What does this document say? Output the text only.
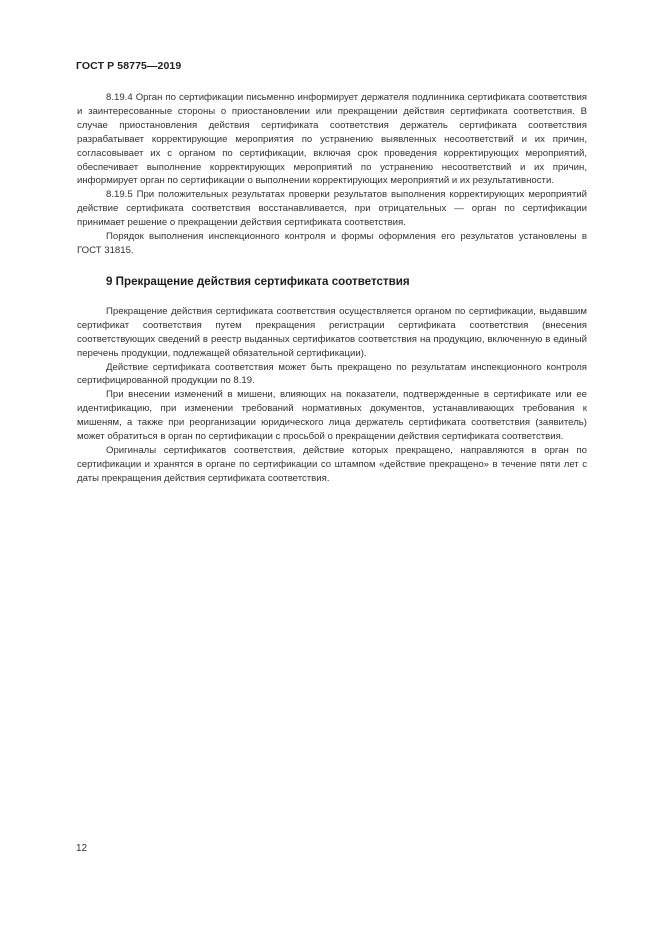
ГОСТ Р 58775—2019

8.19.4 Орган по сертификации письменно информирует держателя подлинника сертификата соответствия и заинтересованные стороны о приостановлении или прекращении действия сертификата соответствия. В случае приостановления действия сертификата соответствия держатель сертификата соответствия разрабатывает корректирующие мероприятия по устранению выявленных несоответствий и их причин, согласовывает их с органом по сертификации, включая срок проведения корректирующих мероприятий, обеспечивает выполнение корректирующих мероприятий по устранению несоответствий и их причин, информирует орган по сертификации о выполнении корректирующих мероприятий и их результативности.

8.19.5 При положительных результатах проверки результатов выполнения корректирующих мероприятий действие сертификата соответствия восстанавливается, при отрицательных — орган по сертификации принимает решение о прекращении действия сертификата соответствия.

Порядок выполнения инспекционного контроля и формы оформления его результатов установлены в ГОСТ 31815.

9 Прекращение действия сертификата соответствия

Прекращение действия сертификата соответствия осуществляется органом по сертификации, выдавшим сертификат соответствия путем прекращения регистрации сертификата соответствия (внесения соответствующих сведений в реестр выданных сертификатов соответствия на продукцию, включенную в единый перечень продукции, подлежащей обязательной сертификации).

Действие сертификата соответствия может быть прекращено по результатам инспекционного контроля сертифицированной продукции по 8.19.

При внесении изменений в мишени, влияющих на показатели, подтвержденные в сертификате или ее идентификацию, при изменении требований нормативных документов, устанавливающих требования к мишеням, а также при реорганизации юридического лица держатель сертификата соответствия (заявитель) может обратиться в орган по сертификации с просьбой о прекращении действия сертификата соответствия.

Оригиналы сертификатов соответствия, действие которых прекращено, направляются в орган по сертификации и хранятся в органе по сертификации со штампом «действие прекращено» в течение пяти лет с даты прекращения действия сертификата соответствия.

12
